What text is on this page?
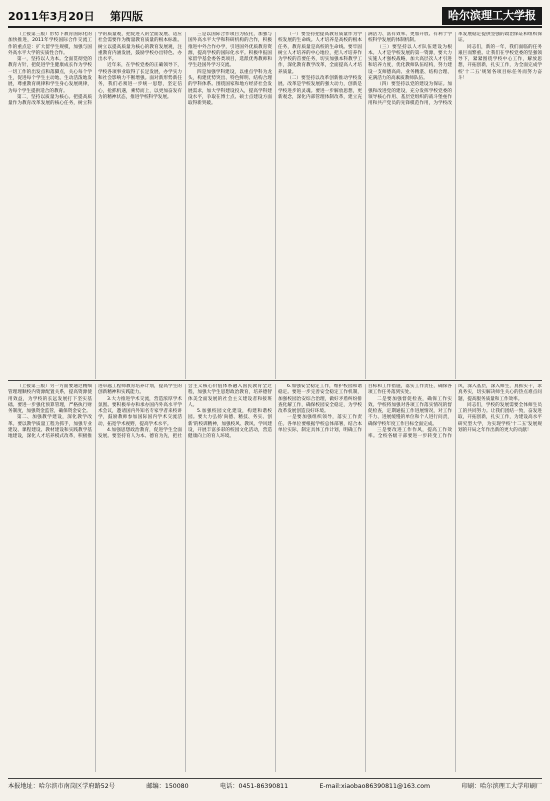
2011年3月20日 第四版	哈尔滨理工大学报

（上接第三版）形势下教育国际化的加快推进，2011年学校国际合作交流工作的重点是：扩大留学生规模，加强与国外高水平大学的实质性合作。

第一，坚持以人为本。全面贯彻党的教育方针，把促进学生健康成长作为学校一切工作的出发点和落脚点，关心每个学生，促进每个学生主动地、生动活泼地发展，尊重教育规律和学生身心发展规律，为每个学生提供适合的教育。

第二，坚持以质量为核心。把提高质量作为教育改革发展的核心任务，树立科学的质量观，把促进人的全面发展、适应社会需要作为衡量教育质量的根本标准。树立以提高质量为核心的教育发展观，注重教育内涵发展，鼓励学校办出特色、办出水平。

近年来，在学校党委的正确领导下，学校各项事业取得了长足发展，办学实力和社会影响力不断增强。面对新形势新任务，我们必须进一步统一思想，坚定信心，抢抓机遇，乘势而上，以更加奋发有为的精神状态，推进学校科学发展。

三是以国际合作项目为依托，加强与国外高水平大学和科研机构的合作，积极推进中外合作办学，引进国外优质教育资源，提高学校的国际化水平。积极申报国家留学基金委各类项目，选派优秀教师和学生赴国外学习交流。

四是加强学科建设，以重点学科为龙头，构建优势突出、特色鲜明、结构合理的学科体系。围绕国家和地方经济社会发展需求，加大学科建设投入，提高学科建设水平，争取在博士点、硕士点建设方面取得新突破。

（一）要坚持把提高教育质量作为学校发展的生命线。人才培养是高校的根本任务，教育质量是高校的生命线。要牢固树立人才培养的中心地位，把人才培养作为学校的首要任务，切实加强本科教学工作，深化教育教学改革，全面提高人才培养质量。

（二）要坚持以改革创新推动学校发展。改革是学校发展的强大动力，创新是学校进步的灵魂。要进一步解放思想，更新观念，深化内部管理体制改革，建立充满活力、富有效率、更加开放、有利于学校科学发展的体制机制。

（三）要坚持以人才队伍建设为根本。人才是学校发展的第一资源，要大力实施人才强校战略，加大高层次人才引进和培养力度，优化教师队伍结构，努力建设一支师德高尚、业务精湛、结构合理、充满活力的高素质教师队伍。

（四）要坚持以党的建设为保证。加强和改进党的建设，充分发挥学校党委的领导核心作用、基层党组织的战斗堡垒作用和共产党员的先锋模范作用，为学校改革发展稳定提供坚强的政治保证和组织保证。

同志们，新的一年，我们面临的任务艰巨而繁重。让我们在学校党委的坚强领导下，紧紧围绕学校中心工作，解放思想，开拓创新，扎实工作，为全面完成学校'十二五'规划各项目标任务而努力奋斗！

（上接第三版）另一方面要通过精细管理理顺校内资源配置关系，提高资源使用效益，为学校的长远发展打下坚实基础。要进一步强化预算管理，严格执行财务制度，加强资金监管，确保资金安全。

第二、加强教学建设，深化教学改革。要以教学质量工程为抓手，加强专业建设、课程建设、教材建设和实践教学基地建设，深化人才培养模式改革，积极推进卓越工程师教育培养计划，提高学生的创新精神和实践能力。

3.大力推进学术交流，营造浓厚学术氛围。要积极举办和承办国内外高水平学术会议，邀请国内外知名专家学者来校讲学，鼓励教师参加国际国内学术交流活动，拓宽学术视野，提高学术水平。

4.加强思想政治教育，促进学生全面发展。要坚持育人为本、德育为先，把社会主义核心价值体系融入国民教育全过程，加强大学生思想政治教育，培养德智体美全面发展的社会主义建设者和接班人。

5.加强校园文化建设，构建和谐校园。要大力弘扬'尚德、精技、务实、创新'的校训精神，加强校风、教风、学风建设，开展丰富多彩的校园文化活动，营造健康向上的育人环境。

6.加强安全稳定工作，维护校园和谐稳定。要进一步完善安全稳定工作机制，加强校园治安综合治理，做好矛盾纠纷排查化解工作，确保校园安全稳定，为学校改革发展创造良好环境。

一是要加强组织领导，落实工作责任。各单位要根据学校总体部署，结合本单位实际，制定具体工作计划，明确工作目标和工作措施，落实工作责任，确保各项工作任务落到实处。

二是要加强督促检查，确保工作实效。学校将加强对各项工作落实情况的督促检查，定期通报工作进展情况，对工作不力、进展缓慢的单位和个人进行问责，确保学校年度工作目标全面完成。

三是要改进工作作风，提高工作效率。全校各级干部要进一步转变工作作风，深入基层，深入师生，真抓实干，求真务实，切实解决师生关心的热点难点问题，提高服务质量和工作效率。

同志们，学校的发展需要全体师生员工的共同努力。让我们团结一致，奋发进取，开拓创新，扎实工作，为建设高水平研究型大学，为实现学校'十二五'发展规划的开局之年作出新的更大的贡献！

本报地址：哈尔滨市南岗区学府路52号	邮编：150080	电话：0451-86390811	E-mail:xiaobao86390811@163.com	印刷：哈尔滨理工大学印刷厂
